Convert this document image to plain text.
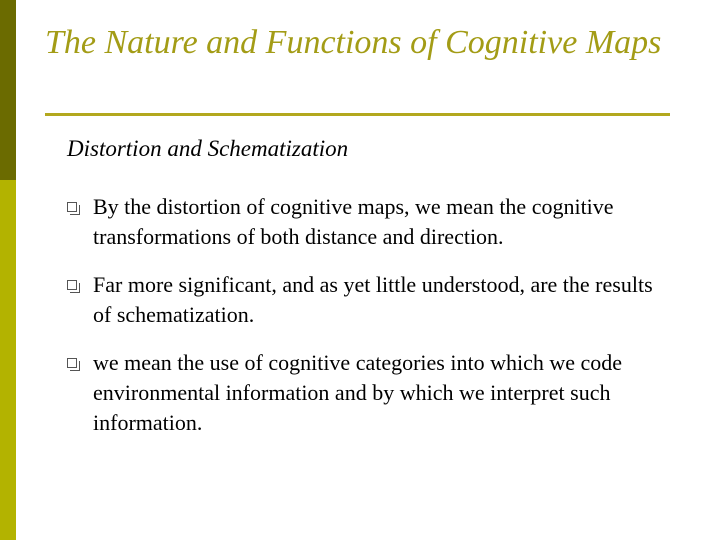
The Nature and Functions of Cognitive Maps

Distortion and Schematization

By the distortion of cognitive maps, we mean the cognitive transformations of both distance and direction.
Far more significant, and as yet little understood, are the results of schematization.
we mean the use of cognitive categories into which we code environmental information and by which we interpret such information.
